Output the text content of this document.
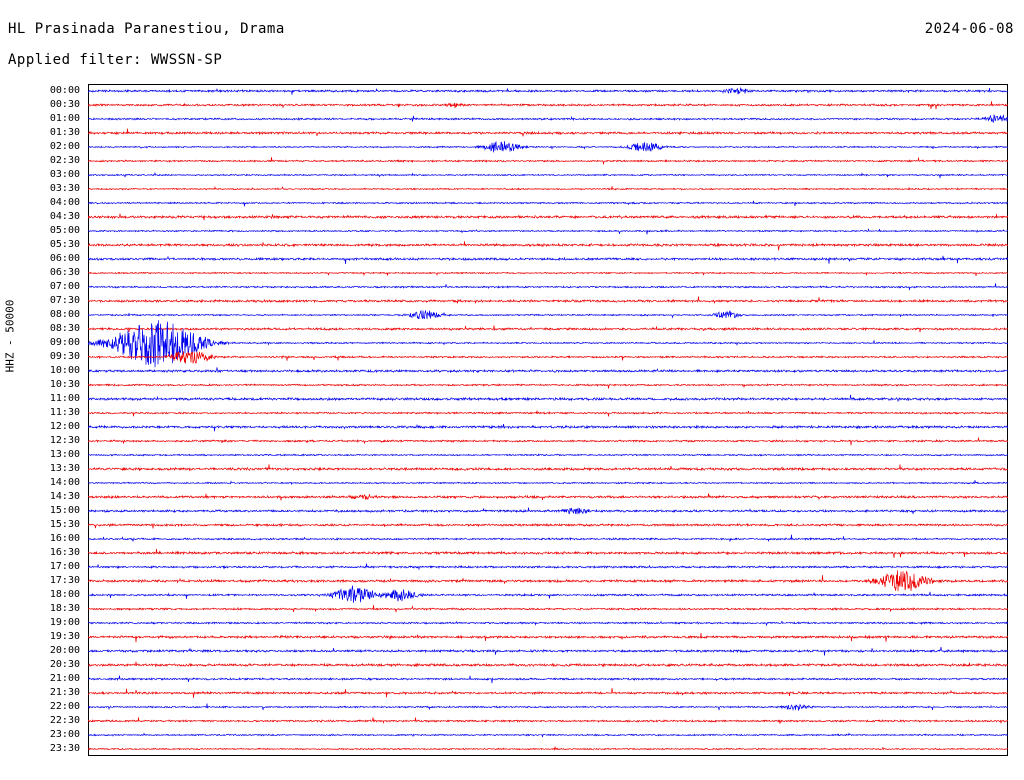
HL Prasinada Paranestiou, Drama
Applied filter: WWSSN-SP
2024-06-08
HHZ - 50000
00:00
00:30
01:00
01:30
02:00
02:30
03:00
03:30
04:00
04:30
05:00
05:30
06:00
06:30
07:00
07:30
08:00
08:30
09:00
09:30
10:00
10:30
11:00
11:30
12:00
12:30
13:00
13:30
14:00
14:30
15:00
15:30
16:00
16:30
17:00
17:30
18:00
18:30
19:00
19:30
20:00
20:30
21:00
21:30
22:00
22:30
23:00
23:30
